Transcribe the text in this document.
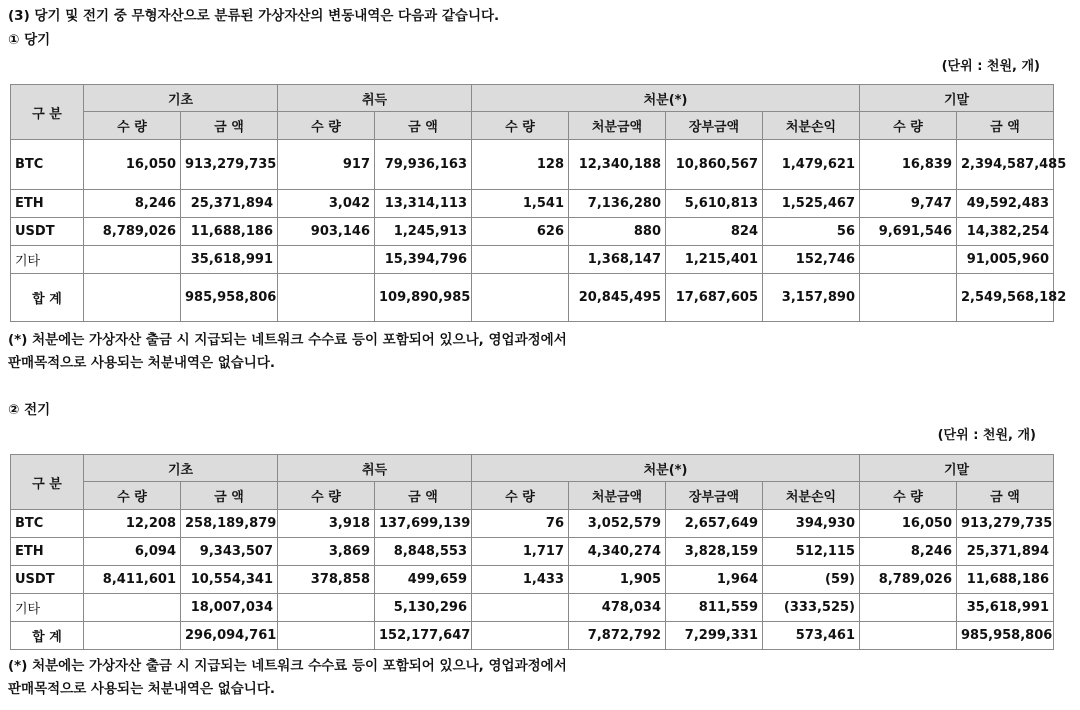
(3) 당기 및 전기 중 무형자산으로 분류된 가상자산의 변동내역은 다음과 같습니다.
① 당기
(단위 : 천원, 개)
구 분	기초		취득		처분(*)				기말	
	수 량	금 액	수 량	금 액	수 량	처분금액	장부금액	처분손익	수 량	금 액
BTC	16,050	913,279,735	917	79,936,163	128	12,340,188	10,860,567	1,479,621	16,839	2,394,587,485
ETH	8,246	25,371,894	3,042	13,314,113	1,541	7,136,280	5,610,813	1,525,467	9,747	49,592,483
USDT	8,789,026	11,688,186	903,146	1,245,913	626	880	824	56	9,691,546	14,382,254
기타		35,618,991		15,394,796		1,368,147	1,215,401	152,746		91,005,960
합 계		985,958,806		109,890,985		20,845,495	17,687,605	3,157,890		2,549,568,182
(*) 처분에는 가상자산 출금 시 지급되는 네트워크 수수료 등이 포함되어 있으나, 영업과정에서
판매목적으로 사용되는 처분내역은 없습니다.
② 전기
(단위 : 천원, 개)
구 분	기초		취득		처분(*)				기말	
	수 량	금 액	수 량	금 액	수 량	처분금액	장부금액	처분손익	수 량	금 액
BTC	12,208	258,189,879	3,918	137,699,139	76	3,052,579	2,657,649	394,930	16,050	913,279,735
ETH	6,094	9,343,507	3,869	8,848,553	1,717	4,340,274	3,828,159	512,115	8,246	25,371,894
USDT	8,411,601	10,554,341	378,858	499,659	1,433	1,905	1,964	(59)	8,789,026	11,688,186
기타		18,007,034		5,130,296		478,034	811,559	(333,525)		35,618,991
합 계		296,094,761		152,177,647		7,872,792	7,299,331	573,461		985,958,806
(*) 처분에는 가상자산 출금 시 지급되는 네트워크 수수료 등이 포함되어 있으나, 영업과정에서
판매목적으로 사용되는 처분내역은 없습니다.
